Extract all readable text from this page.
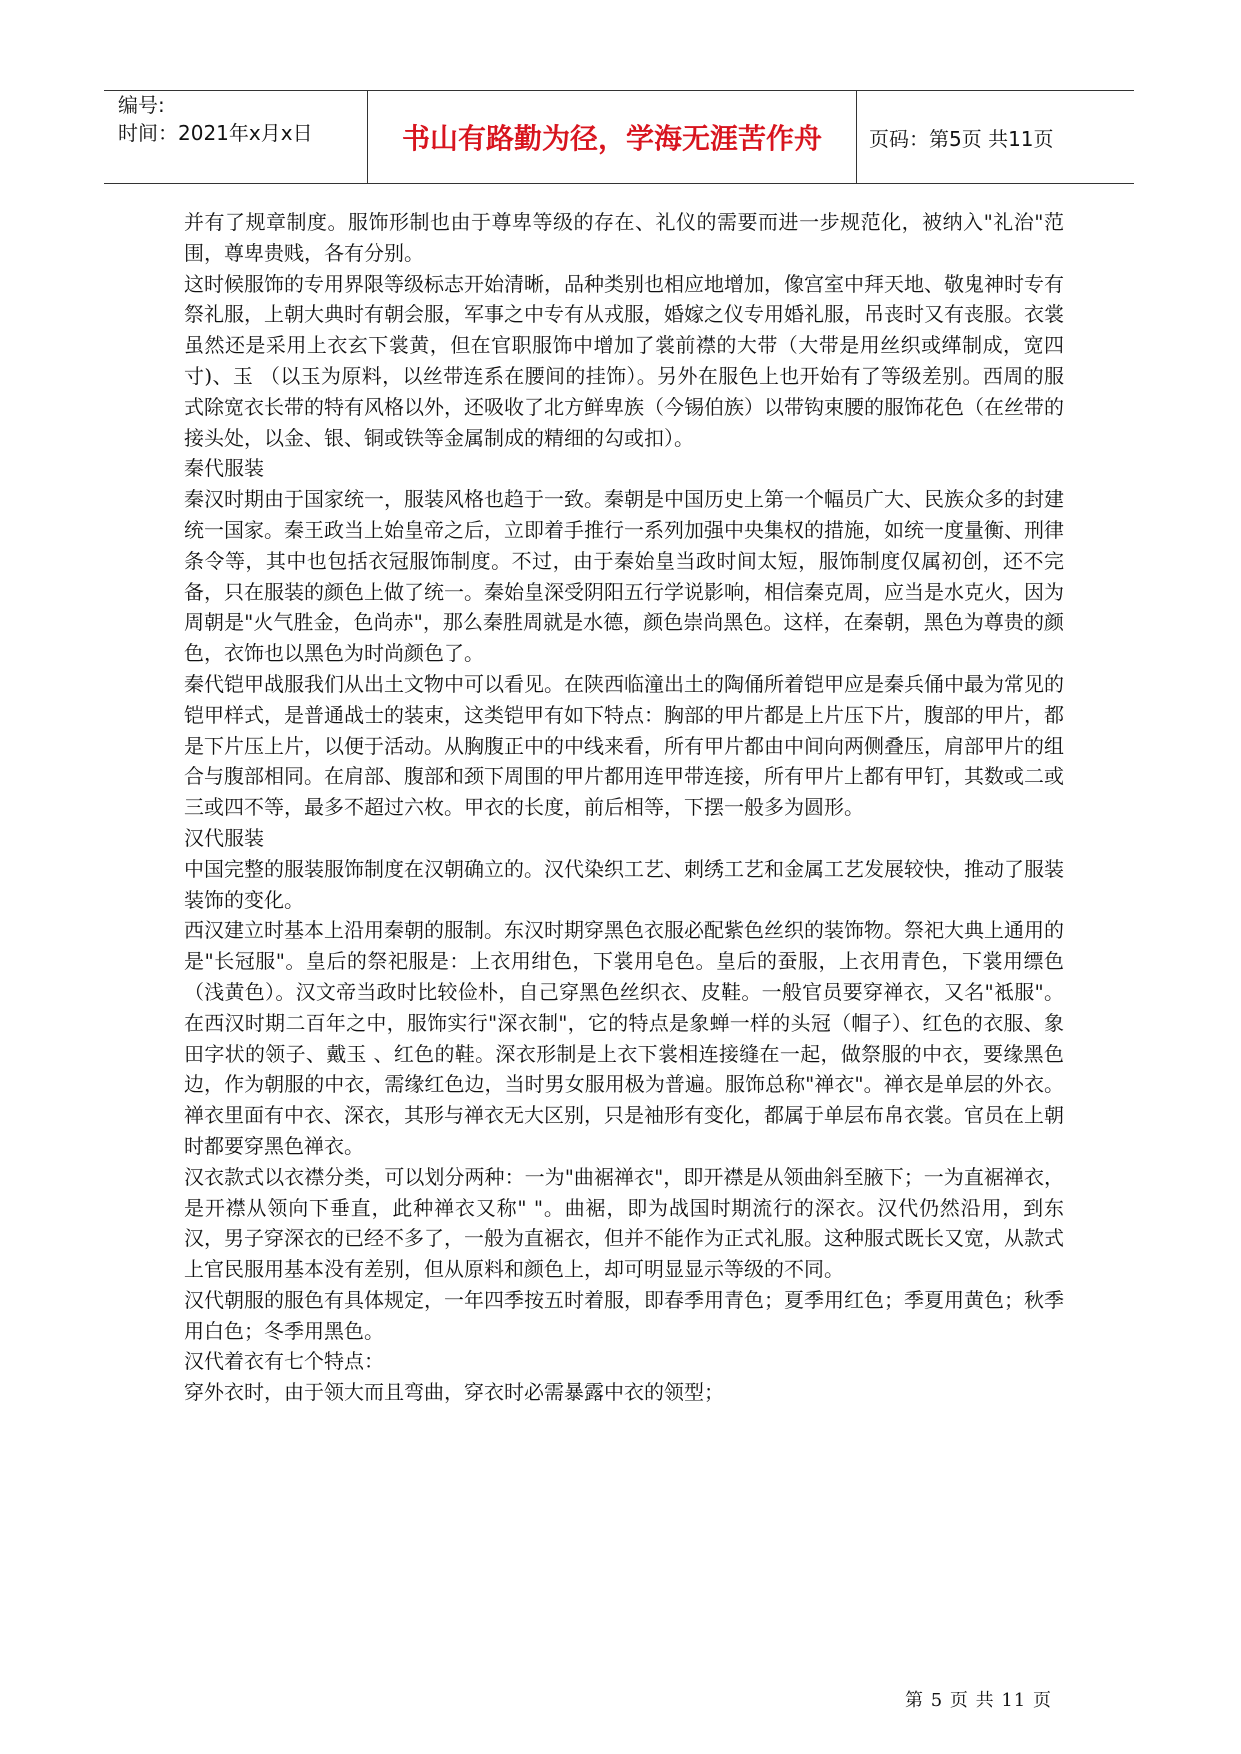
编号:
时间：2021年x月x日	书山有路勤为径，学海无涯苦作舟 页码：第5页 共11页

并有了规章制度。服饰形制也由于尊卑等级的存在、礼仪的需要而进一步规范化，被纳入"礼治"范围，尊卑贵贱，各有分别。

这时候服饰的专用界限等级标志开始清晰，品种类别也相应地增加，像宫室中拜天地、敬鬼神时专有祭礼服，上朝大典时有朝会服，军事之中专有从戎服，婚嫁之仪专用婚礼服，吊丧时又有丧服。衣裳虽然还是采用上衣玄下裳黄，但在官职服饰中增加了裳前襟的大带（大带是用丝织或缂制成，宽四寸)、玉 （以玉为原料，以丝带连系在腰间的挂饰）。另外在服色上也开始有了等级差别。西周的服式除宽衣长带的特有风格以外，还吸收了北方鲜卑族（今锡伯族）以带钩束腰的服饰花色（在丝带的接头处，以金、银、铜或铁等金属制成的精细的勾或扣）。

秦代服装

秦汉时期由于国家统一，服装风格也趋于一致。秦朝是中国历史上第一个幅员广大、民族众多的封建统一国家。秦王政当上始皇帝之后，立即着手推行一系列加强中央集权的措施，如统一度量衡、刑律条令等，其中也包括衣冠服饰制度。不过，由于秦始皇当政时间太短，服饰制度仅属初创，还不完备，只在服装的颜色上做了统一。秦始皇深受阴阳五行学说影响，相信秦克周，应当是水克火，因为周朝是"火气胜金，色尚赤"，那么秦胜周就是水德，颜色崇尚黑色。这样，在秦朝，黑色为尊贵的颜色，衣饰也以黑色为时尚颜色了。

秦代铠甲战服我们从出土文物中可以看见。在陕西临潼出土的陶俑所着铠甲应是秦兵俑中最为常见的铠甲样式，是普通战士的装束，这类铠甲有如下特点：胸部的甲片都是上片压下片，腹部的甲片，都是下片压上片，以便于活动。从胸腹正中的中线来看，所有甲片都由中间向两侧叠压，肩部甲片的组合与腹部相同。在肩部、腹部和颈下周围的甲片都用连甲带连接，所有甲片上都有甲钉，其数或二或三或四不等，最多不超过六枚。甲衣的长度，前后相等，下摆一般多为圆形。

汉代服装

中国完整的服装服饰制度在汉朝确立的。汉代染织工艺、刺绣工艺和金属工艺发展较快，推动了服装装饰的变化。

西汉建立时基本上沿用秦朝的服制。东汉时期穿黑色衣服必配紫色丝织的装饰物。祭祀大典上通用的是"长冠服"。皇后的祭祀服是：上衣用绀色，下裳用皂色。皇后的蚕服，上衣用青色，下裳用缥色（浅黄色）。汉文帝当政时比较俭朴，自己穿黑色丝织衣、皮鞋。一般官员要穿禅衣，又名"袛服"。在西汉时期二百年之中，服饰实行"深衣制"，它的特点是象蝉一样的头冠（帽子）、红色的衣服、象田字状的领子、戴玉 、红色的鞋。深衣形制是上衣下裳相连接缝在一起，做祭服的中衣，要缘黑色边，作为朝服的中衣，需缘红色边，当时男女服用极为普遍。服饰总称"禅衣"。禅衣是单层的外衣。禅衣里面有中衣、深衣，其形与禅衣无大区别，只是袖形有变化，都属于单层布帛衣裳。官员在上朝时都要穿黑色禅衣。

汉衣款式以衣襟分类，可以划分两种：一为"曲裾禅衣"，即开襟是从领曲斜至腋下；一为直裾禅衣，是开襟从领向下垂直，此种禅衣又称" "。曲裾，即为战国时期流行的深衣。汉代仍然沿用，到东汉，男子穿深衣的已经不多了，一般为直裾衣，但并不能作为正式礼服。这种服式既长又宽，从款式上官民服用基本没有差别，但从原料和颜色上，却可明显显示等级的不同。

汉代朝服的服色有具体规定，一年四季按五时着服，即春季用青色；夏季用红色；季夏用黄色；秋季用白色；冬季用黑色。

汉代着衣有七个特点：

穿外衣时，由于领大而且弯曲，穿衣时必需暴露中衣的领型；

第 5 页 共 11 页
